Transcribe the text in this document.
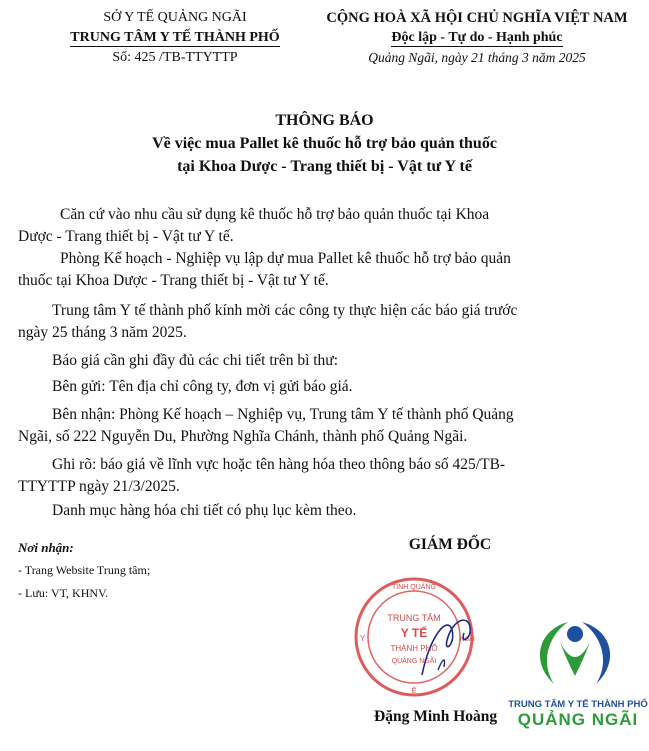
SỞ Y TẾ QUẢNG NGÃI
TRUNG TÂM Y TẾ THÀNH PHỐ
Số: 425 /TB-TTYTTP
CỘNG HOÀ XÃ HỘI CHỦ NGHĨA VIỆT NAM
Độc lập - Tự do - Hạnh phúc
Quảng Ngãi, ngày 21 tháng 3 năm 2025
THÔNG BÁO
Về việc mua Pallet kê thuốc hỗ trợ bảo quản thuốc
tại Khoa Dược - Trang thiết bị - Vật tư Y tế
Căn cứ vào nhu cầu sử dụng kê thuốc hỗ trợ bảo quản thuốc tại Khoa
Dược - Trang thiết bị - Vật tư Y tế.
Phòng Kế hoạch - Nghiệp vụ lập dự mua Pallet kê thuốc hỗ trợ bảo quản
thuốc tại Khoa Dược - Trang thiết bị - Vật tư Y tế.
Trung tâm Y tế thành phố kính mời các công ty thực hiện các báo giá trước
ngày 25 tháng 3 năm 2025.
Báo giá cần ghi đầy đủ các chi tiết trên bì thư:
Bên gửi: Tên địa chỉ công ty, đơn vị gửi báo giá.
Bên nhận: Phòng Kế hoạch – Nghiệp vụ, Trung tâm Y tế thành phố Quảng
Ngãi, số 222 Nguyễn Du, Phường Nghĩa Chánh, thành phố Quảng Ngãi.
Ghi rõ: báo giá về lĩnh vực hoặc tên hàng hóa theo thông báo số 425/TB-
TTYTTP ngày 21/3/2025.
Danh mục hàng hóa chi tiết có phụ lục kèm theo.
Nơi nhận:
- Trang Website Trung tâm;
- Lưu: VT, KHNV.
GIÁM ĐỐC
TỈNH QUẢNG
Y	NGÃI
Ế
TRUNG TÂM
Y TẾ
THÀNH PHỐ
QUẢNG NGÃI
TRUNG TÂM Y TẾ THÀNH PHỐ
QUẢNG NGÃI
Đặng Minh Hoàng
